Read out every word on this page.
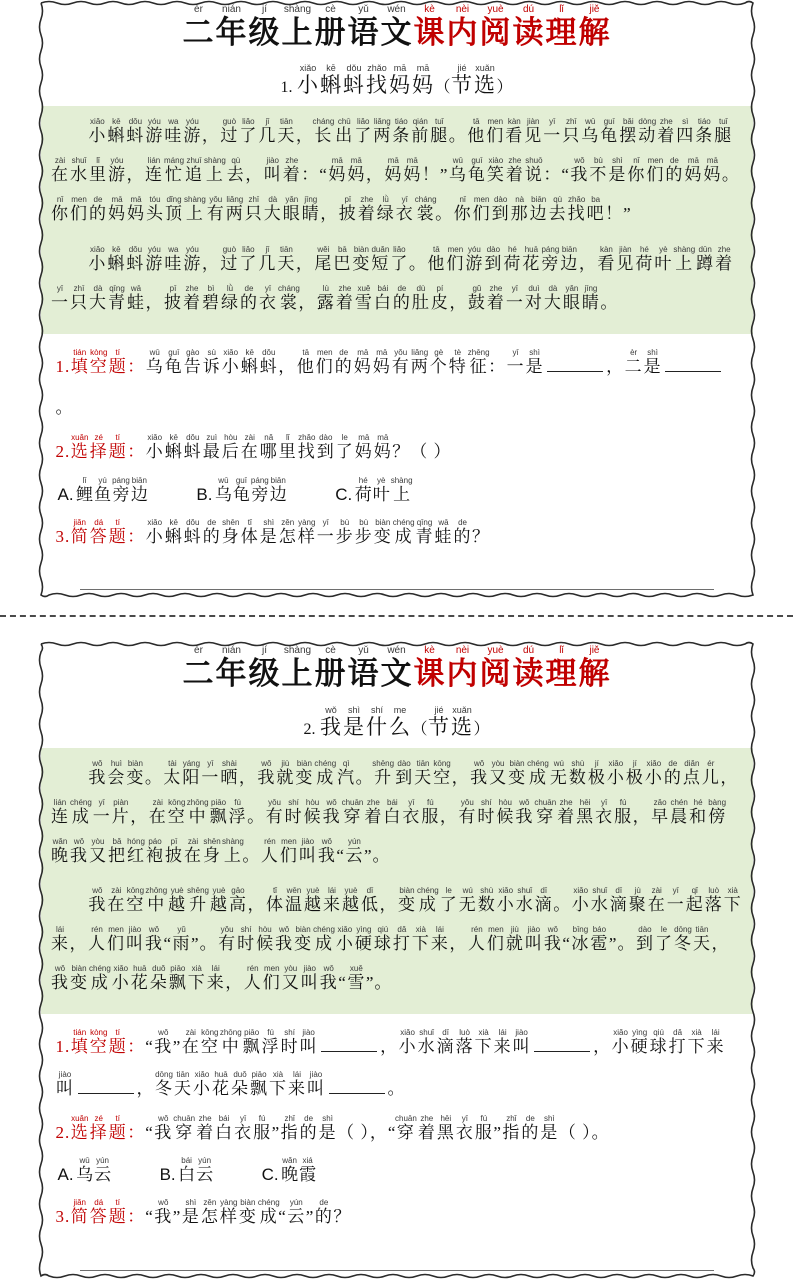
二èr年nián级jí上shàng册cè语yǔ文wén课kè内nèi阅yuè读dú理lǐ解jiě
1. 小xiǎo蝌kē蚪dǒu找zhǎo妈mā妈mā（节jié选xuǎn）

小xiǎo蝌kē蚪dǒu游yóu哇wa游yóu，过guò了liǎo几jǐ天tiān，长cháng出chū了liǎo两liǎng条tiáo前qián腿tuǐ。他tā们men看kàn见jiàn一yī只zhī乌wū龟guī摆bǎi动dòng着zhe四sì条tiáo腿tuǐ在zài水shuǐ里lǐ游yóu，连lián忙máng追zhuī上shàng去qù，叫jiào着zhe：“妈mā妈mā，妈mā妈mā！”乌wū龟guī笑xiào着zhe说shuō：“我wǒ不bù是shì你nǐ们men的de妈mā妈mā。你nǐ们men的de妈mā妈mā头tóu顶dǐng上shàng有yǒu两liǎng只zhī大dà眼yǎn睛jīng，披pī着zhe绿lǜ衣yī裳cháng。你nǐ们men到dào那nà边biān去qù找zhǎo吧ba！”

小xiǎo蝌kē蚪dǒu游yóu哇wa游yóu，过guò了liǎo几jǐ天tiān，尾wěi巴bā变biàn短duǎn了liǎo。他tā们men游yóu到dào荷hé花huā旁páng边biān，看kàn见jiàn荷hé叶yè上shàng蹲dūn着zhe一yī只zhī大dà青qīng蛙wā，披pī着zhe碧bì绿lǜ的de衣yī裳cháng，露lù着zhe雪xuě白bái的de肚dù皮pí，鼓gǔ着zhe一yī对duì大dà眼yǎn睛jīng。

1.填tián空kòng题tí：乌wū龟guī告gào诉sù小xiǎo蝌kē蚪dǒu，他tā们men的de妈mā妈mā有yǒu两liǎng个gè特tè征zhēng：一yī是shì，二èr是shì。
2.选xuǎn择zé题tí：小xiǎo蝌kē蚪dǒu最zuì后hòu在zài哪nǎ里lǐ找zhǎo到dào了le妈mā妈mā？（ ）
A. 鲤lǐ鱼yú旁páng边biān
B. 乌wū龟guī旁páng边biān
C. 荷hé叶yè上shàng
3.简jiǎn答dá题tí：小xiǎo蝌kē蚪dǒu的de身shēn体tǐ是shì怎zěn样yàng一yī步bù步bù变biàn成chéng青qīng蛙wā的de？
二èr年nián级jí上shàng册cè语yǔ文wén课kè内nèi阅yuè读dú理lǐ解jiě
2. 我wǒ是shì什shí么me（节jié选xuǎn）

我wǒ会huì变biàn。太tài阳yáng一yī晒shài，我wǒ就jiù变biàn成chéng汽qì。升shēng到dào天tiān空kōng，我wǒ又yòu变biàn成chéng无wú数shù极jí小xiǎo极jí小xiǎo的de点diǎn儿ér，连lián成chéng一yī片piàn，在zài空kōng中zhōng飘piāo浮fú。有yǒu时shí候hòu我wǒ穿chuān着zhe白bái衣yī服fú，有yǒu时shí候hòu我wǒ穿chuān着zhe黑hēi衣yī服fú，早zǎo晨chén和hé傍bàng晚wǎn我wǒ又yòu把bǎ红hóng袍páo披pī在zài身shēn上shàng。人rén们men叫jiào我wǒ“云yún”。

我wǒ在zài空kōng中zhōng越yuè升shēng越yuè高gāo，体tǐ温wēn越yuè来lái越yuè低dī，变biàn成chéng了le无wú数shù小xiǎo水shuǐ滴dī。小xiǎo水shuǐ滴dī聚jù在zài一yī起qǐ落luò下xià来lái，人rén们men叫jiào我wǒ“雨yǔ”。有yǒu时shí候hòu我wǒ变biàn成chéng小xiǎo硬yìng球qiú打dǎ下xià来lái，人rén们men就jiù叫jiào我wǒ“冰bīng雹báo”。到dào了le冬dōng天tiān，我wǒ变biàn成chéng小xiǎo花huā朵duǒ飘piāo下xià来lái，人rén们men又yòu叫jiào我wǒ“雪xuě”。

1.填tián空kòng题tí：“我wǒ”在zài空kōng中zhōng飘piāo浮fú时shí叫jiào，小xiǎo水shuǐ滴dī落luò下xià来lái叫jiào，小xiǎo硬yìng球qiú打dǎ下xià来lái叫jiào，冬dōng天tiān小xiǎo花huā朵duǒ飘piāo下xià来lái叫jiào。
2.选xuǎn择zé题tí：“我wǒ穿chuān着zhe白bái衣yī服fú”指zhǐ的de是shì（ ），“穿chuān着zhe黑hēi衣yī服fú”指zhǐ的de是shì（ ）。
A. 乌wū云yún
B. 白bái云yún
C. 晚wǎn霞xiá
3.简jiǎn答dá题tí：“我wǒ”是shì怎zěn样yàng变biàn成chéng“云yún”的de？
